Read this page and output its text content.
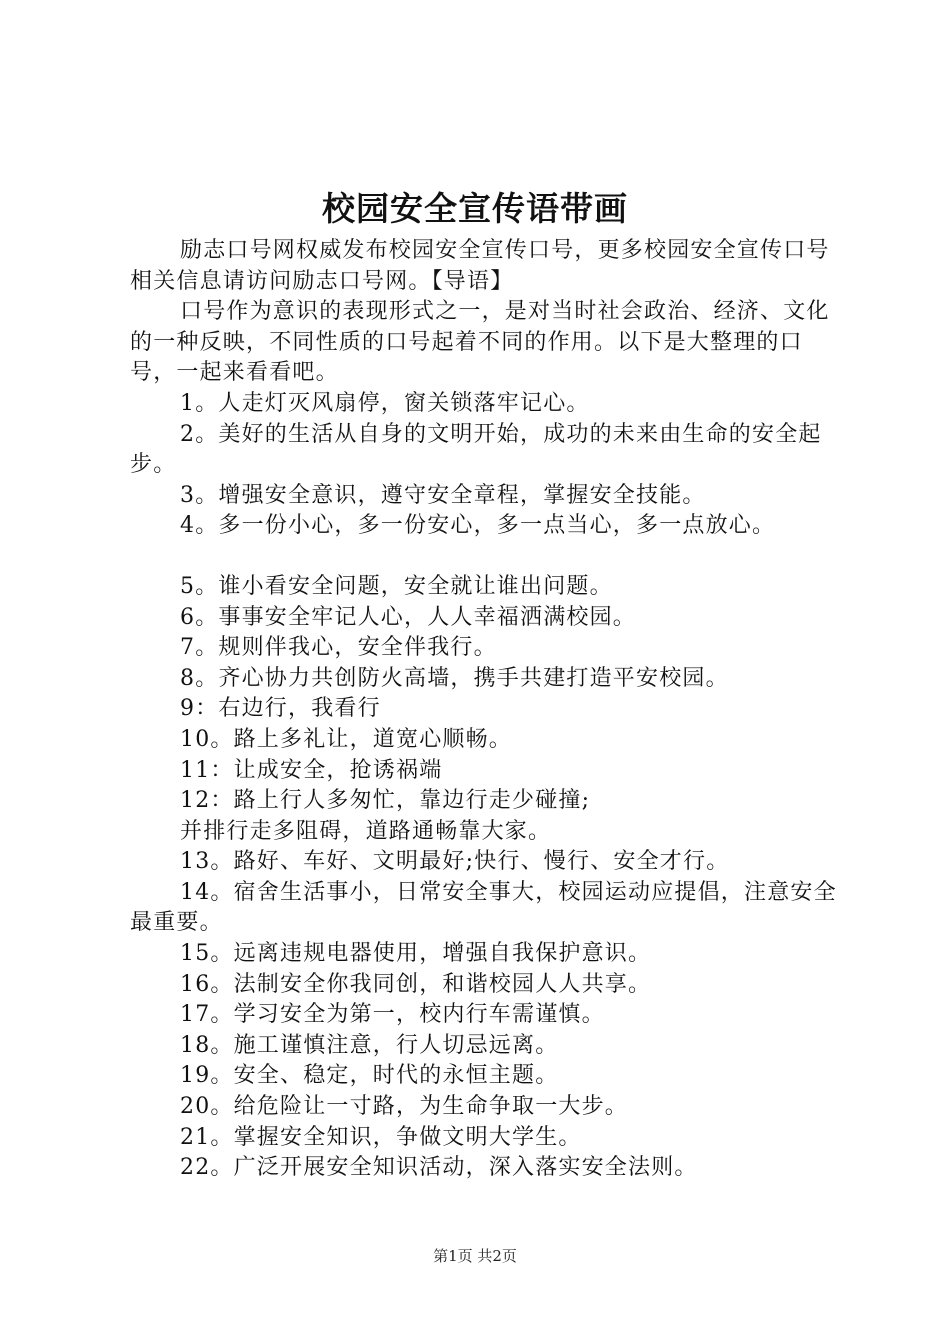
校园安全宣传语带画

励志口号网权威发布校园安全宣传口号，更多校园安全宣传口号相关信息请访问励志口号网。【导语】

口号作为意识的表现形式之一，是对当时社会政治、经济、文化的一种反映，不同性质的口号起着不同的作用。以下是大整理的口号，一起来看看吧。

1。人走灯灭风扇停，窗关锁落牢记心。

2。美好的生活从自身的文明开始，成功的未来由生命的安全起步。

3。增强安全意识，遵守安全章程，掌握安全技能。

4。多一份小心，多一份安心，多一点当心，多一点放心。

5。谁小看安全问题，安全就让谁出问题。

6。事事安全牢记人心，人人幸福洒满校园。

7。规则伴我心，安全伴我行。

8。齐心协力共创防火高墙，携手共建打造平安校园。

9：右边行，我看行

10。路上多礼让，道宽心顺畅。

11：让成安全，抢诱祸端

12：路上行人多匆忙，靠边行走少碰撞;

并排行走多阻碍，道路通畅靠大家。

13。路好、车好、文明最好;快行、慢行、安全才行。

14。宿舍生活事小，日常安全事大，校园运动应提倡，注意安全最重要。

15。远离违规电器使用，增强自我保护意识。

16。法制安全你我同创，和谐校园人人共享。

17。学习安全为第一，校内行车需谨慎。

18。施工谨慎注意，行人切忌远离。

19。安全、稳定，时代的永恒主题。

20。给危险让一寸路，为生命争取一大步。

21。掌握安全知识，争做文明大学生。

22。广泛开展安全知识活动，深入落实安全法则。

第1页 共2页
